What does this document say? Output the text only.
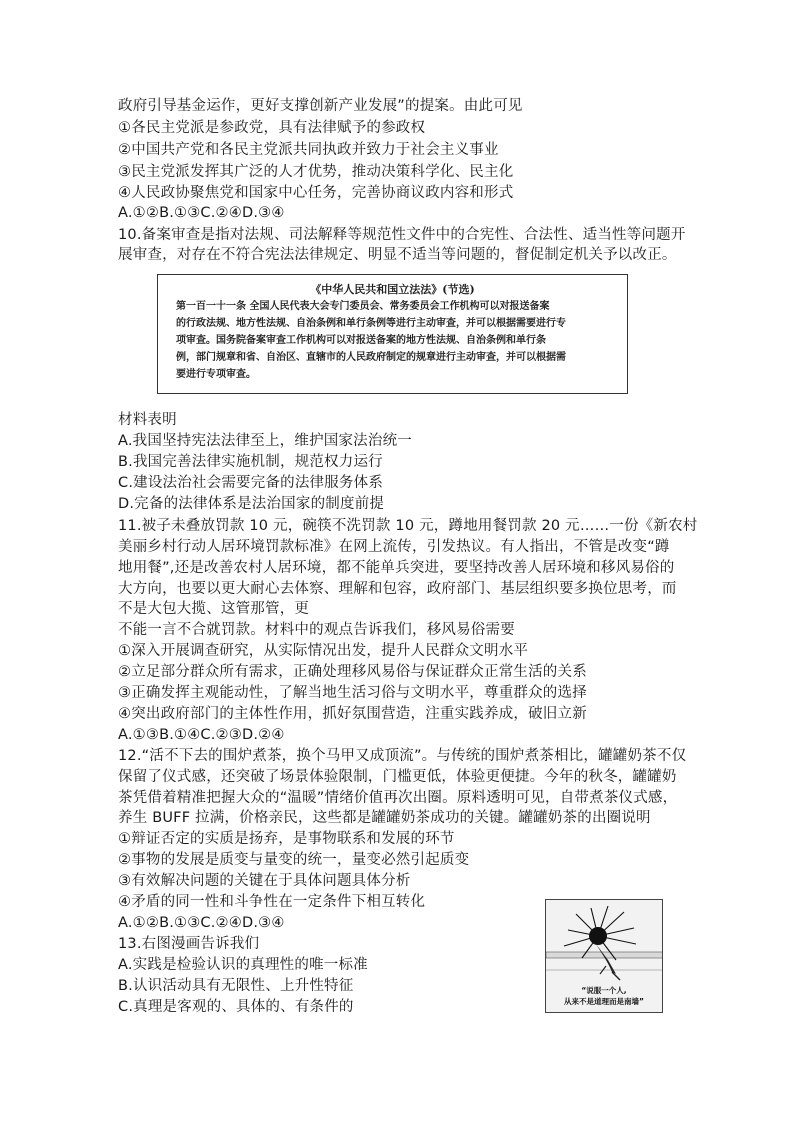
政府引导基金运作，更好支撑创新产业发展”的提案。由此可见
①各民主党派是参政党，具有法律赋予的参政权
②中国共产党和各民主党派共同执政并致力于社会主义事业
③民主党派发挥其广泛的人才优势，推动决策科学化、民主化
④人民政协聚焦党和国家中心任务，完善协商议政内容和形式
A.①②B.①③C.②④D.③④
10.备案审查是指对法规、司法解释等规范性文件中的合宪性、合法性、适当性等问题开
展审查，对存在不符合宪法法律规定、明显不适当等问题的，督促制定机关予以改正。
《中华人民共和国立法法》(节选)
第一百一十一条 全国人民代表大会专门委员会、常务委员会工作机构可以对报送备案
的行政法规、地方性法规、自治条例和单行条例等进行主动审查，并可以根据需要进行专
项审查。国务院备案审查工作机构可以对报送备案的地方性法规、自治条例和单行条
例，部门规章和省、自治区、直辖市的人民政府制定的规章进行主动审查，并可以根据需
要进行专项审查。
材料表明
A.我国坚持宪法法律至上，维护国家法治统一
B.我国完善法律实施机制，规范权力运行
C.建设法治社会需要完备的法律服务体系
D.完备的法律体系是法治国家的制度前提
11.被子未叠放罚款 10 元，碗筷不洗罚款 10 元，蹲地用餐罚款 20 元……一份《新农村
美丽乡村行动人居环境罚款标准》在网上流传，引发热议。有人指出，不管是改变“蹲
地用餐”,还是改善农村人居环境，都不能单兵突进，要坚持改善人居环境和移风易俗的
大方向，也要以更大耐心去体察、理解和包容，政府部门、基层组织要多换位思考，而
不是大包大揽、这管那管，更
不能一言不合就罚款。材料中的观点告诉我们，移风易俗需要
①深入开展调查研究，从实际情况出发，提升人民群众文明水平
②立足部分群众所有需求，正确处理移风易俗与保证群众正常生活的关系
③正确发挥主观能动性，了解当地生活习俗与文明水平，尊重群众的选择
④突出政府部门的主体性作用，抓好氛围营造，注重实践养成，破旧立新
A.①③B.①④C.②③D.②④
12.“活不下去的围炉煮茶，换个马甲又成顶流”。与传统的围炉煮茶相比，罐罐奶茶不仅
保留了仪式感，还突破了场景体验限制，门槛更低，体验更便捷。今年的秋冬，罐罐奶
茶凭借着精准把握大众的“温暖”情绪价值再次出圈。原料透明可见，自带煮茶仪式感，
养生 BUFF 拉满，价格亲民，这些都是罐罐奶茶成功的关键。罐罐奶茶的出圈说明
①辩证否定的实质是扬弃，是事物联系和发展的环节
②事物的发展是质变与量变的统一，量变必然引起质变
③有效解决问题的关键在于具体问题具体分析
④矛盾的同一性和斗争性在一定条件下相互转化
A.①②B.①③C.②④D.③④
13.右图漫画告诉我们
A.实践是检验认识的真理性的唯一标准
B.认识活动具有无限性、上升性特征
C.真理是客观的、具体的、有条件的
“说服一个人,
从来不是道理而是南墙”
